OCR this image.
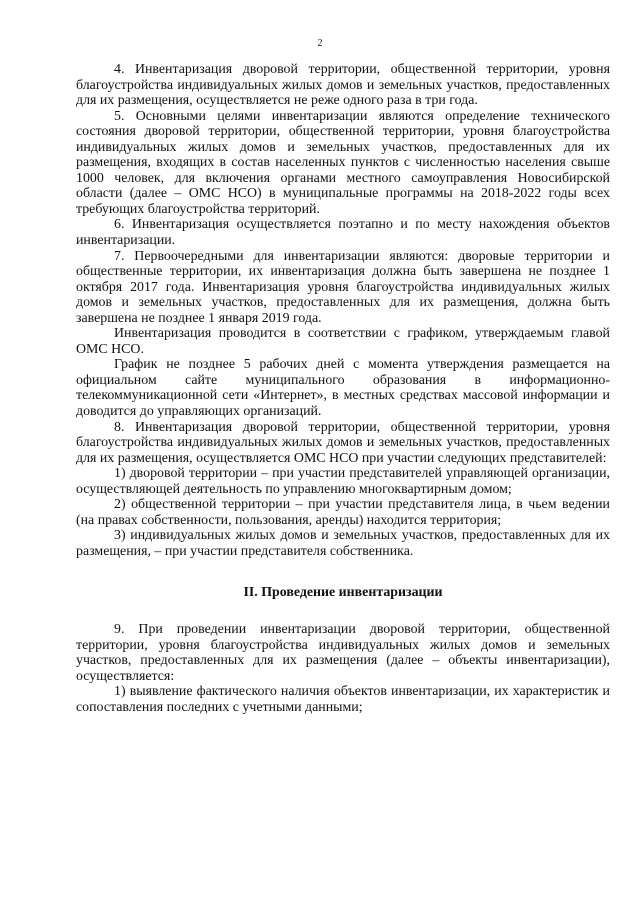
2

4. Инвентаризация дворовой территории, общественной территории, уровня благоустройства индивидуальных жилых домов и земельных участков, предоставленных для их размещения, осуществляется не реже одного раза в три года.

5. Основными целями инвентаризации являются определение технического состояния дворовой территории, общественной территории, уровня благоустройства индивидуальных жилых домов и земельных участков, предоставленных для их размещения, входящих в состав населенных пунктов с численностью населения свыше 1000 человек, для включения органами местного самоуправления Новосибирской области (далее – ОМС НСО) в муниципальные программы на 2018-2022 годы всех требующих благоустройства территорий.

6. Инвентаризация осуществляется поэтапно и по месту нахождения объектов инвентаризации.

7. Первоочередными для инвентаризации являются: дворовые территории и общественные территории, их инвентаризация должна быть завершена не позднее 1 октября 2017 года. Инвентаризация уровня благоустройства индивидуальных жилых домов и земельных участков, предоставленных для их размещения, должна быть завершена не позднее 1 января 2019 года.

Инвентаризация проводится в соответствии с графиком, утверждаемым главой ОМС НСО.

График не позднее 5 рабочих дней с момента утверждения размещается на официальном сайте муниципального образования в информационно-телекоммуникационной сети «Интернет», в местных средствах массовой информации и доводится до управляющих организаций.

8. Инвентаризация дворовой территории, общественной территории, уровня благоустройства индивидуальных жилых домов и земельных участков, предоставленных для их размещения, осуществляется ОМС НСО при участии следующих представителей:

1) дворовой территории – при участии представителей управляющей организации, осуществляющей деятельность по управлению многоквартирным домом;

2) общественной территории – при участии представителя лица, в чьем ведении (на правах собственности, пользования, аренды) находится территория;

3) индивидуальных жилых домов и земельных участков, предоставленных для их размещения, – при участии представителя собственника.

II. Проведение инвентаризации

9. При проведении инвентаризации дворовой территории, общественной территории, уровня благоустройства индивидуальных жилых домов и земельных участков, предоставленных для их размещения (далее – объекты инвентаризации), осуществляется:

1) выявление фактического наличия объектов инвентаризации, их характеристик и сопоставления последних с учетными данными;
